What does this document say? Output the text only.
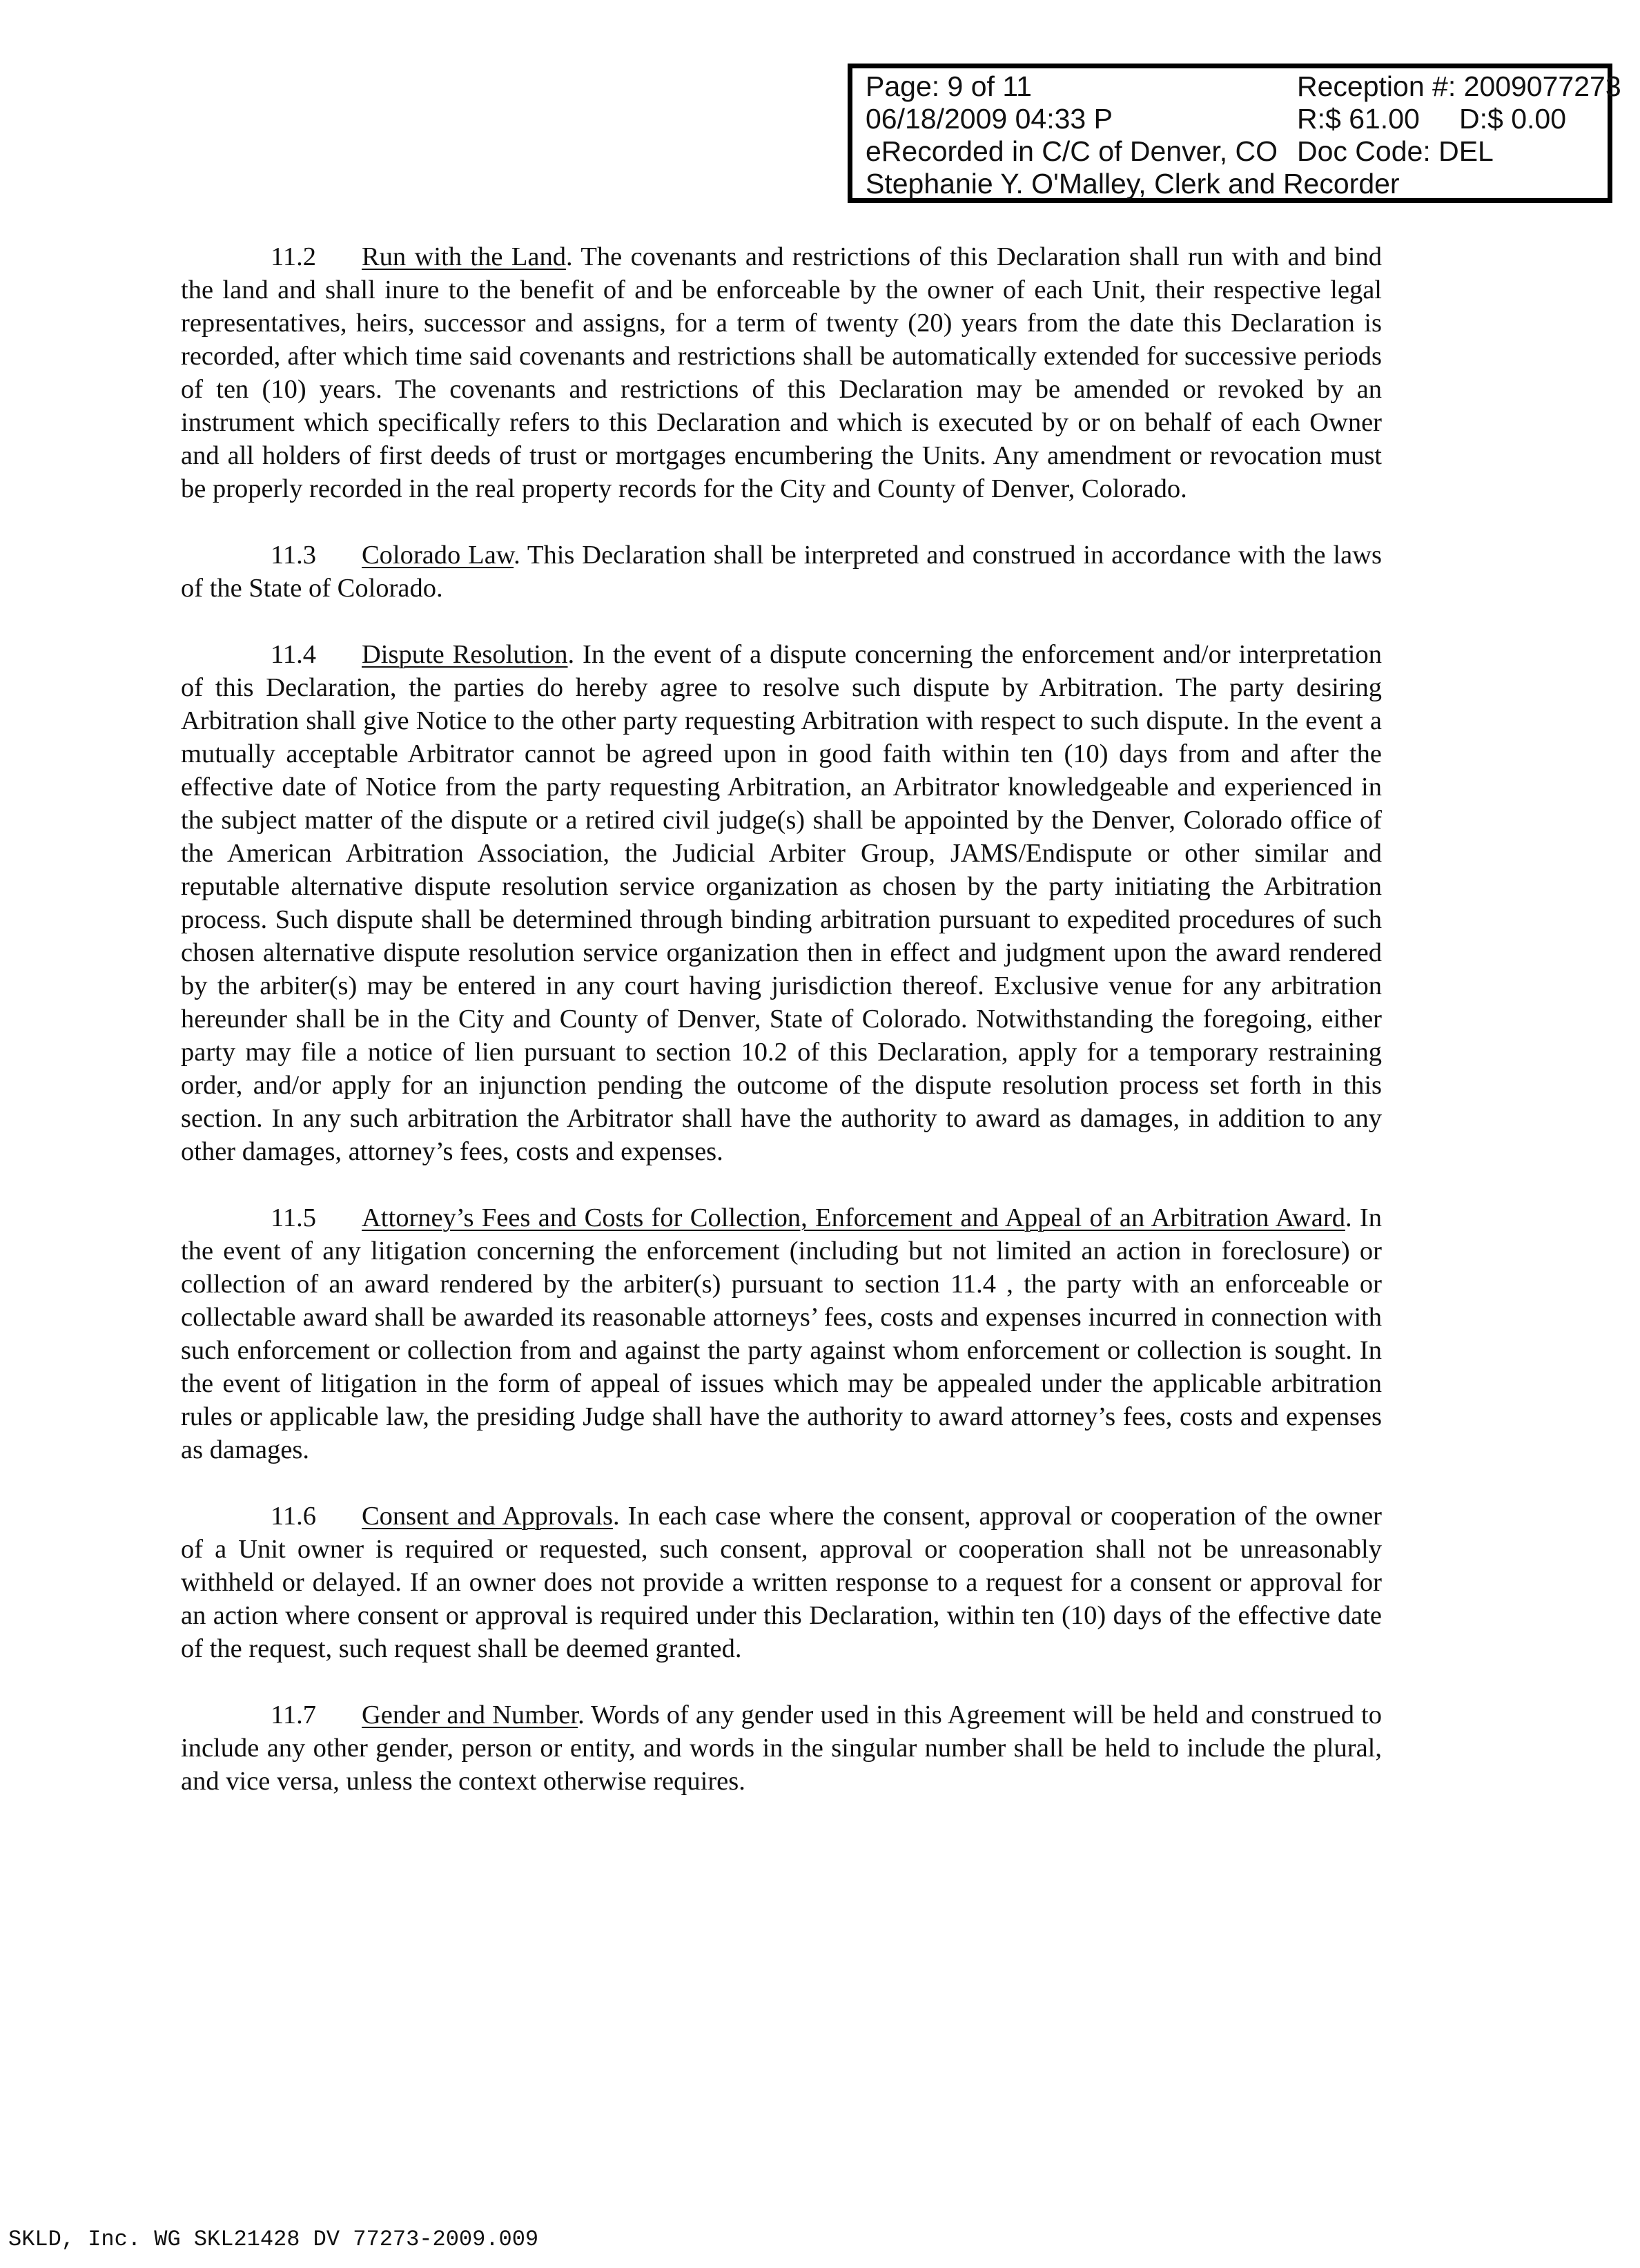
Page: 9 of 11	Reception #: 2009077273
06/18/2009 04:33 P	R:$ 61.00 D:$ 0.00
eRecorded in C/C of Denver, CO Doc Code: DEL
Stephanie Y. O'Malley, Clerk and Recorder

11.2 Run with the Land. The covenants and restrictions of this Declaration shall run with and bind the land and shall inure to the benefit of and be enforceable by the owner of each Unit, their respective legal representatives, heirs, successor and assigns, for a term of twenty (20) years from the date this Declaration is recorded, after which time said covenants and restrictions shall be automatically extended for successive periods of ten (10) years. The covenants and restrictions of this Declaration may be amended or revoked by an instrument which specifically refers to this Declaration and which is executed by or on behalf of each Owner and all holders of first deeds of trust or mortgages encumbering the Units. Any amendment or revocation must be properly recorded in the real property records for the City and County of Denver, Colorado.

11.3 Colorado Law. This Declaration shall be interpreted and construed in accordance with the laws of the State of Colorado.

11.4 Dispute Resolution. In the event of a dispute concerning the enforcement and/or interpretation of this Declaration, the parties do hereby agree to resolve such dispute by Arbitration. The party desiring Arbitration shall give Notice to the other party requesting Arbitration with respect to such dispute. In the event a mutually acceptable Arbitrator cannot be agreed upon in good faith within ten (10) days from and after the effective date of Notice from the party requesting Arbitration, an Arbitrator knowledgeable and experienced in the subject matter of the dispute or a retired civil judge(s) shall be appointed by the Denver, Colorado office of the American Arbitration Association, the Judicial Arbiter Group, JAMS/Endispute or other similar and reputable alternative dispute resolution service organization as chosen by the party initiating the Arbitration process. Such dispute shall be determined through binding arbitration pursuant to expedited procedures of such chosen alternative dispute resolution service organization then in effect and judgment upon the award rendered by the arbiter(s) may be entered in any court having jurisdiction thereof. Exclusive venue for any arbitration hereunder shall be in the City and County of Denver, State of Colorado. Notwithstanding the foregoing, either party may file a notice of lien pursuant to section 10.2 of this Declaration, apply for a temporary restraining order, and/or apply for an injunction pending the outcome of the dispute resolution process set forth in this section. In any such arbitration the Arbitrator shall have the authority to award as damages, in addition to any other damages, attorney’s fees, costs and expenses.

11.5 Attorney’s Fees and Costs for Collection, Enforcement and Appeal of an Arbitration Award. In the event of any litigation concerning the enforcement (including but not limited an action in foreclosure) or collection of an award rendered by the arbiter(s) pursuant to section 11.4 , the party with an enforceable or collectable award shall be awarded its reasonable attorneys’ fees, costs and expenses incurred in connection with such enforcement or collection from and against the party against whom enforcement or collection is sought. In the event of litigation in the form of appeal of issues which may be appealed under the applicable arbitration rules or applicable law, the presiding Judge shall have the authority to award attorney’s fees, costs and expenses as damages.

11.6 Consent and Approvals. In each case where the consent, approval or cooperation of the owner of a Unit owner is required or requested, such consent, approval or cooperation shall not be unreasonably withheld or delayed. If an owner does not provide a written response to a request for a consent or approval for an action where consent or approval is required under this Declaration, within ten (10) days of the effective date of the request, such request shall be deemed granted.

11.7 Gender and Number. Words of any gender used in this Agreement will be held and construed to include any other gender, person or entity, and words in the singular number shall be held to include the plural, and vice versa, unless the context otherwise requires.

SKLD, Inc. WG SKL21428 DV 77273-2009.009
